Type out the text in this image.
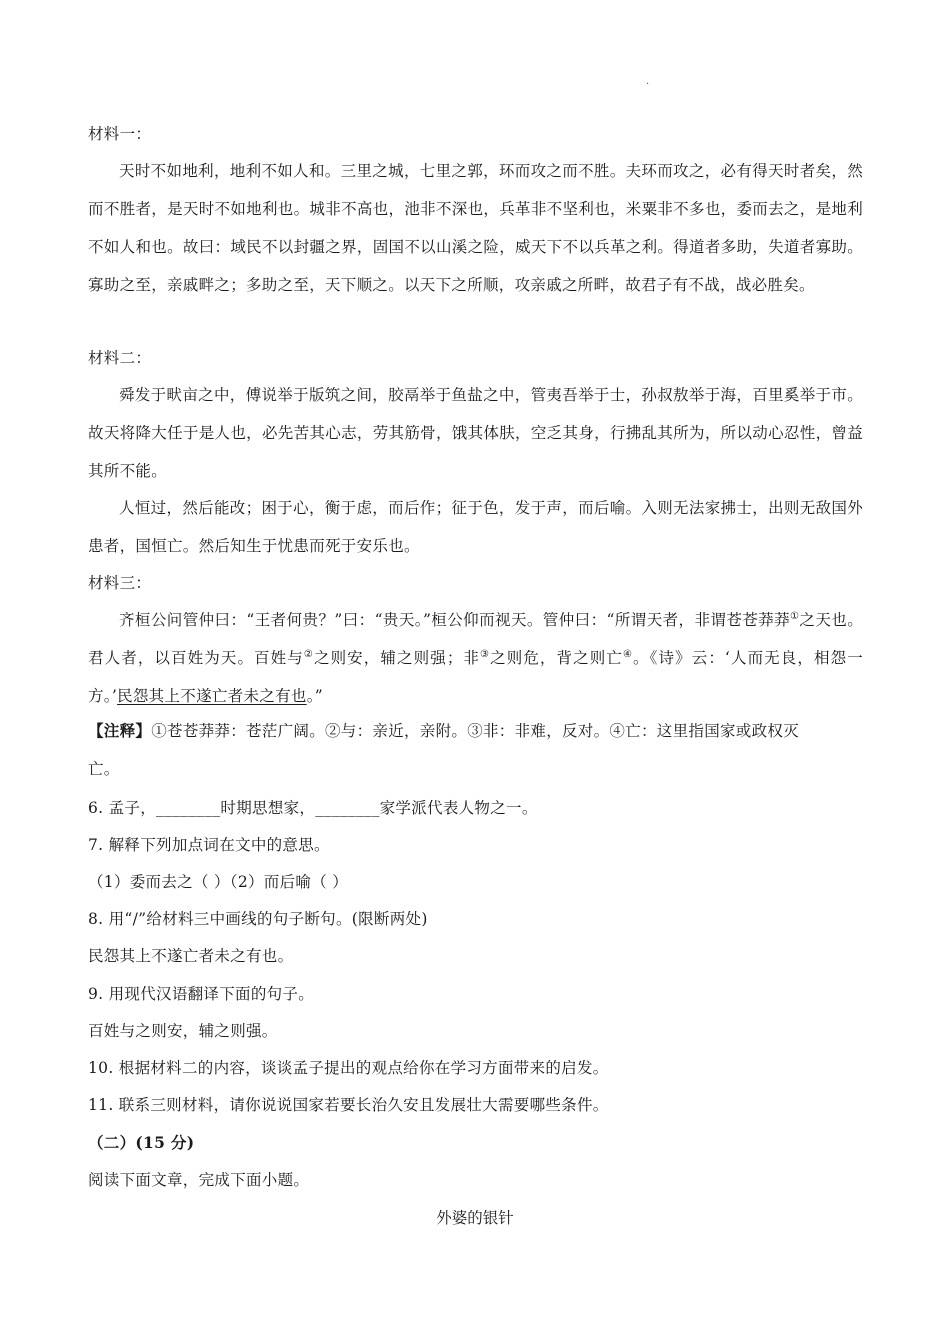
.
材料一：
天时不如地利，地利不如人和。三里之城，七里之郭，环而攻之而不胜。夫环而攻之，必有得天时者矣，然而不胜者，是天时不如地利也。城非不高也，池非不深也，兵革非不坚利也，米粟非不多也，委而去之，是地利不如人和也。故曰：域民不以封疆之界，固国不以山溪之险，威天下不以兵革之利。得道者多助，失道者寡助。寡助之至，亲戚畔之；多助之至，天下顺之。以天下之所顺，攻亲戚之所畔，故君子有不战，战必胜矣。
材料二：
舜发于畎亩之中，傅说举于版筑之间，胶鬲举于鱼盐之中，管夷吾举于士，孙叔敖举于海，百里奚举于市。故天将降大任于是人也，必先苦其心志，劳其筋骨，饿其体肤，空乏其身，行拂乱其所为，所以动心忍性，曾益其所不能。
人恒过，然后能改；困于心，衡于虑，而后作；征于色，发于声，而后喻。入则无法家拂士，出则无敌国外患者，国恒亡。然后知生于忧患而死于安乐也。
材料三：
齐桓公问管仲曰：“王者何贵？”曰：“贵天。”桓公仰而视天。管仲曰：“所谓天者，非谓苍苍莽莽①之天也。君人者，以百姓为天。百姓与②之则安，辅之则强；非③之则危，背之则亡④。《诗》云：‘人而无良，相怨一方。’民怨其上不遂亡者未之有也。”
【注释】①苍苍莽莽：苍茫广阔。②与：亲近，亲附。③非：非难，反对。④亡：这里指国家或政权灭
亡。
6. 孟子，________时期思想家，________家学派代表人物之一。
7. 解释下列加点词在文中的意思。
（1）委而去之（ ）（2）而后喻（ ）
8. 用“/”给材料三中画线的句子断句。(限断两处)
民怨其上不遂亡者未之有也。
9. 用现代汉语翻译下面的句子。
百姓与之则安，辅之则强。
10. 根据材料二的内容，谈谈孟子提出的观点给你在学习方面带来的启发。
11. 联系三则材料，请你说说国家若要长治久安且发展壮大需要哪些条件。
（二）(15 分)
阅读下面文章，完成下面小题。
外婆的银针
